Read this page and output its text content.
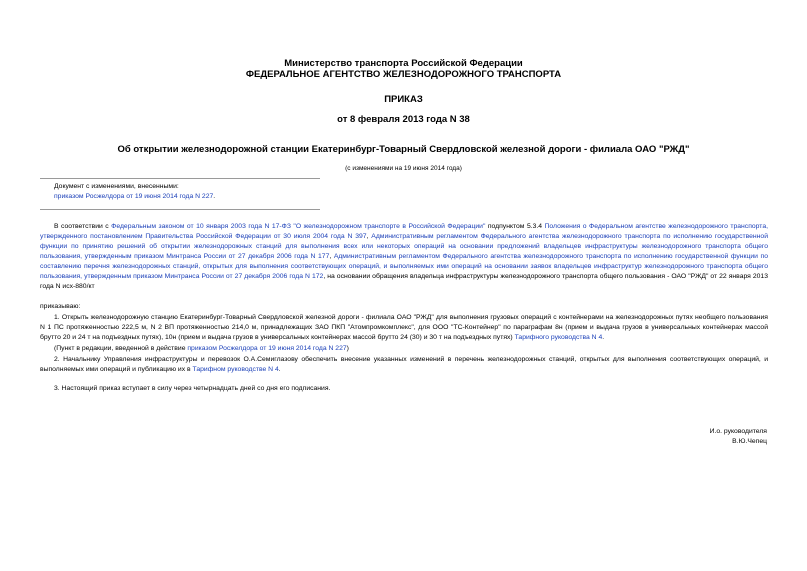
Министерство транспорта Российской Федерации
ФЕДЕРАЛЬНОЕ АГЕНТСТВО ЖЕЛЕЗНОДОРОЖНОГО ТРАНСПОРТА
ПРИКАЗ
от 8 февраля 2013 года N 38
Об открытии железнодорожной станции Екатеринбург-Товарный Свердловской железной дороги - филиала ОАО "РЖД"
(с изменениями на 19 июня 2014 года)
Документ с изменениями, внесенными:
приказом Росжелдора от 19 июня 2014 года N 227.
В соответствии с Федеральным законом от 10 января 2003 года N 17-ФЗ "О железнодорожном транспорте в Российской Федерации" подпунктом 5.3.4 Положения о Федеральном агентстве железнодорожного транспорта, утвержденного постановлением Правительства Российской Федерации от 30 июля 2004 года N 397, Административным регламентом Федерального агентства железнодорожного транспорта по исполнению государственной функции по принятию решений об открытии железнодорожных станций для выполнения всех или некоторых операций на основании предложений владельцев инфраструктуры железнодорожного транспорта общего пользования, утвержденным приказом Минтранса России от 27 декабря 2006 года N 177, Административным регламентом Федерального агентства железнодорожного транспорта по исполнению государственной функции по составлению перечня железнодорожных станций, открытых для выполнения соответствующих операций, и выполняемых ими операций на основании заявок владельцев инфраструктур железнодорожного транспорта общего пользования, утвержденным приказом Минтранса России от 27 декабря 2006 года N 172, на основании обращения владельца инфраструктуры железнодорожного транспорта общего пользования - ОАО "РЖД" от 22 января 2013 года N исх-880/кт
приказываю:
1. Открыть железнодорожную станцию Екатеринбург-Товарный Свердловской железной дороги - филиала ОАО "РЖД" для выполнения грузовых операций с контейнерами на железнодорожных путях необщего пользования N 1 ПС протяженностью 222,5 м, N 2 ВП протяженностью 214,0 м, принадлежащих ЗАО ПКП "Атомпромкомплекс", для ООО "ТС-Контейнер" по параграфам 8н (прием и выдача грузов в универсальных контейнерах массой брутто 20 и 24 т на подъездных путях), 10н (прием и выдача грузов в универсальных контейнерах массой брутто 24 (30) и 30 т на подъездных путях) Тарифного руководства N 4.
(Пункт в редакции, введенной в действие приказом Росжелдора от 19 июня 2014 года N 227)
2. Начальнику Управления инфраструктуры и перевозок О.А.Семиглазову обеспечить внесение указанных изменений в перечень железнодорожных станций, открытых для выполнения соответствующих операций, и выполняемых ими операций и публикацию их в Тарифном руководстве N 4.
3. Настоящий приказ вступает в силу через четырнадцать дней со дня его подписания.
И.о. руководителя
В.Ю.Чепец
